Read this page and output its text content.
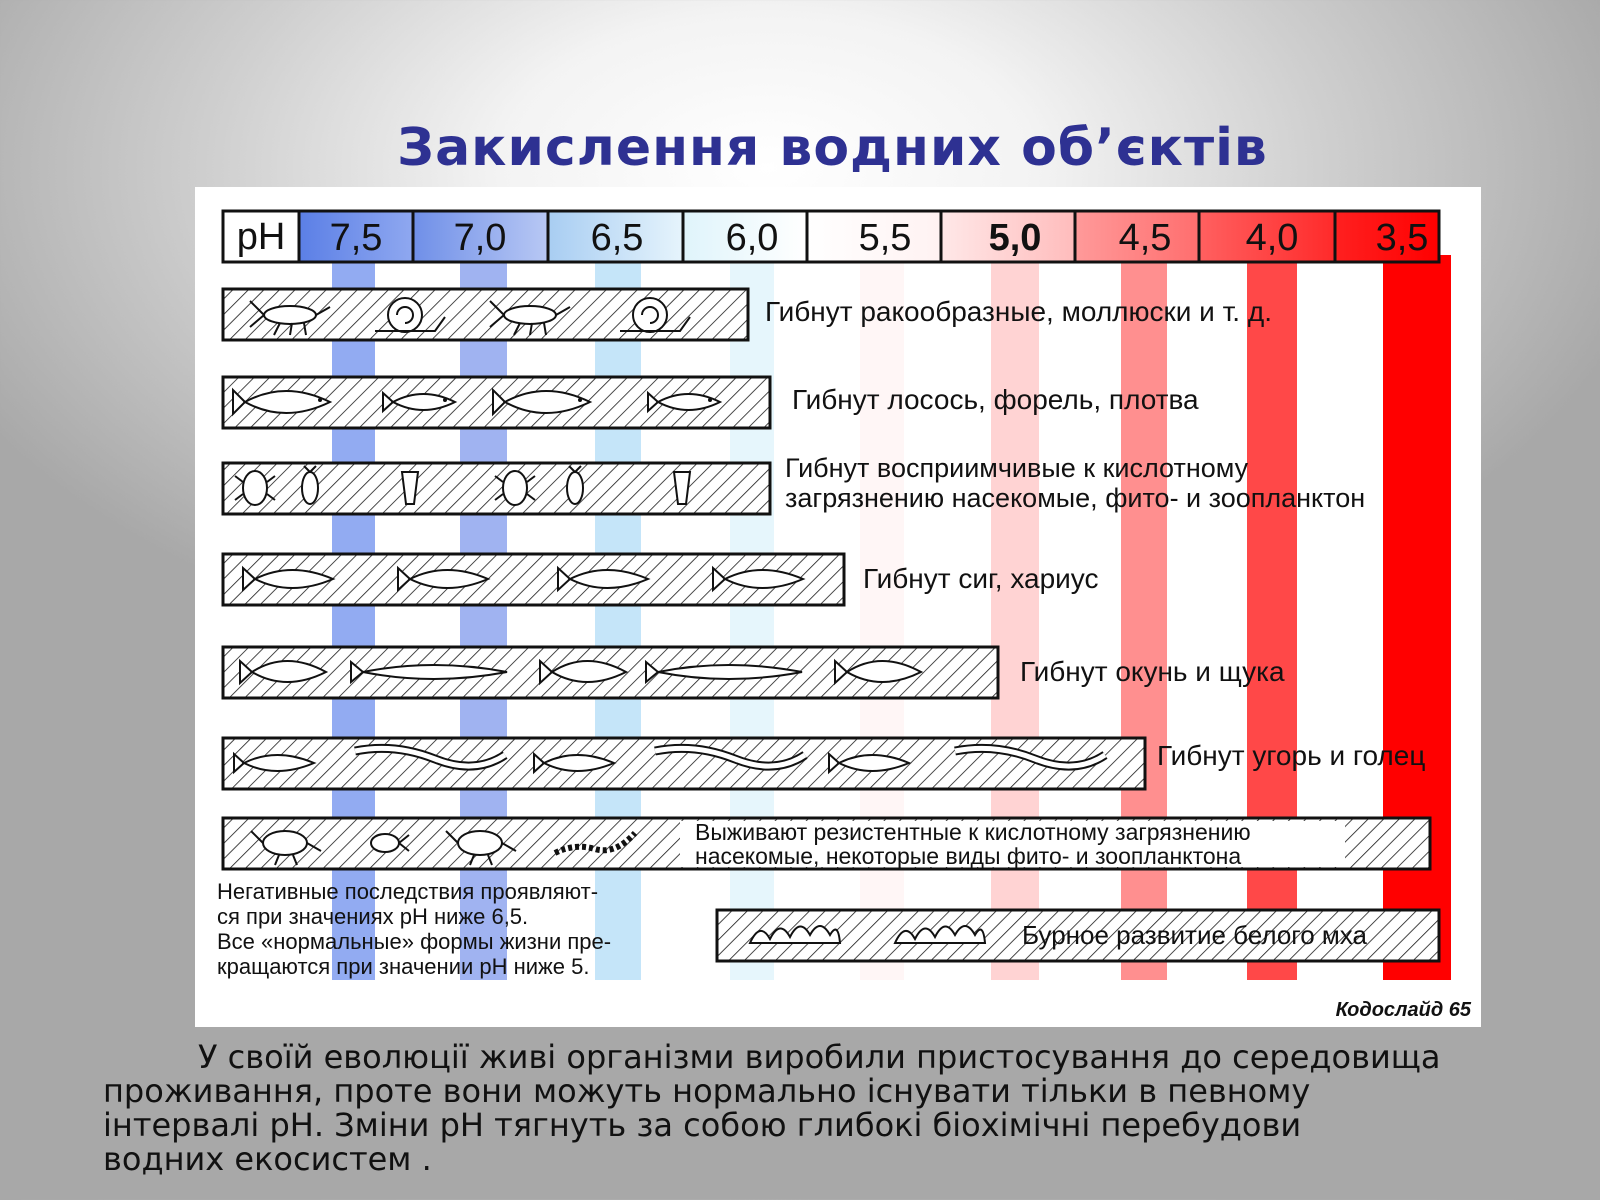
Закислення водних об’єктів
pH 7,5 7,0 6,5 6,0 5,5 5,0 4,5 4,0 3,5
Гибнут ракообразные, моллюски и т. д.
Гибнут лосось, форель, плотва
Гибнут восприимчивые к кислотному
загрязнению насекомые, фито- и зоопланктон
Гибнут сиг, хариус
Гибнут окунь и щука
Гибнут угорь и голец
Выживают резистентные к кислотному загрязнению
насекомые, некоторые виды фито- и зоопланктона
Бурное развитие белого мха
Негативные последствия проявляют-
ся при значениях pH ниже 6,5.
Все «нормальные» формы жизни пре-
кращаются при значении pH ниже 5.
Кодослайд 65
У своїй еволюції живі організми виробили пристосування до середовища
проживання, проте вони можуть нормально існувати тільки в певному
інтервалі рН. Зміни рН тягнуть за собою глибокі біохімічні перебудови
водних екосистем .
